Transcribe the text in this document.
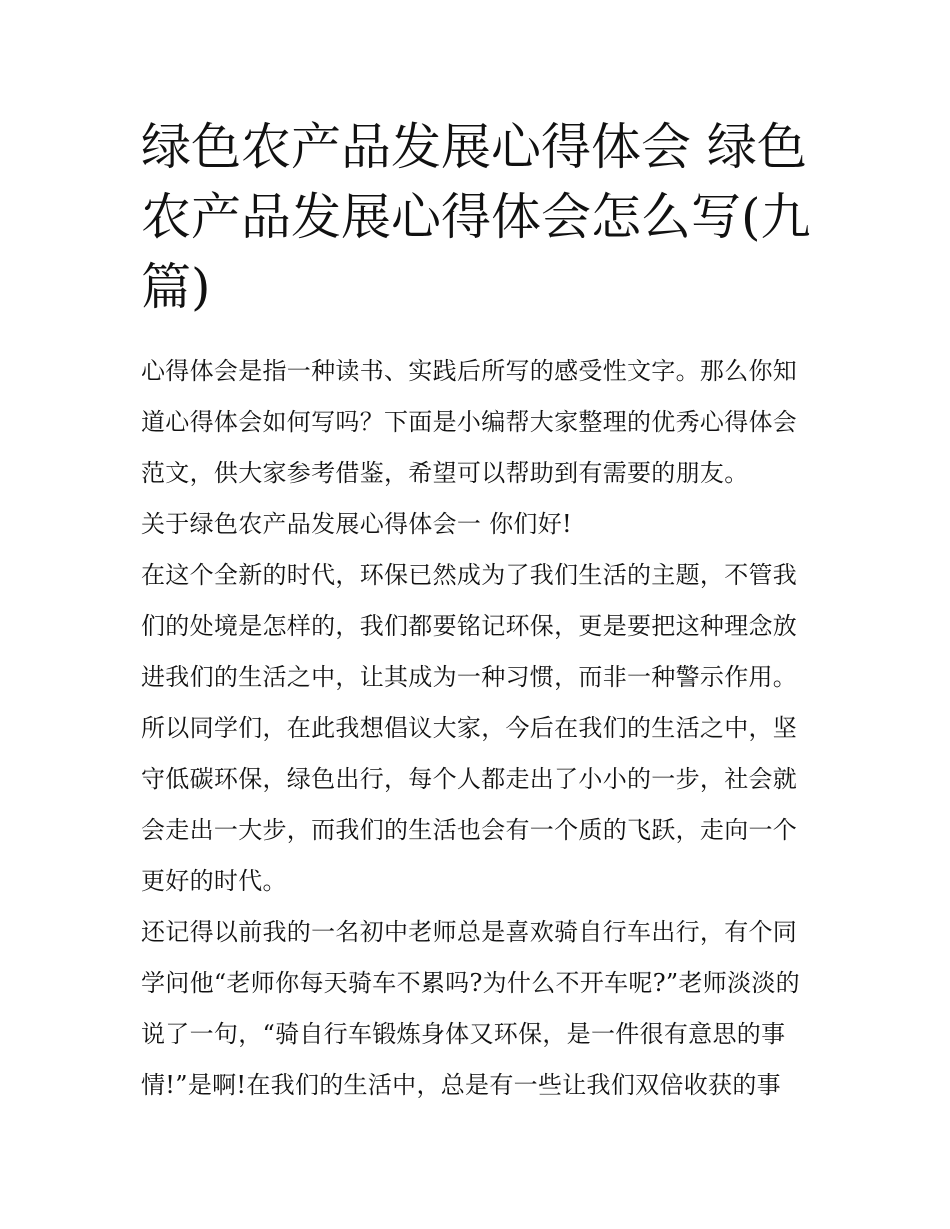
绿色农产品发展心得体会 绿色农产品发展心得体会怎么写(九篇)

心得体会是指一种读书、实践后所写的感受性文字。那么你知道心得体会如何写吗？下面是小编帮大家整理的优秀心得体会范文，供大家参考借鉴，希望可以帮助到有需要的朋友。

关于绿色农产品发展心得体会一 你们好!

在这个全新的时代，环保已然成为了我们生活的主题，不管我们的处境是怎样的，我们都要铭记环保，更是要把这种理念放进我们的生活之中，让其成为一种习惯，而非一种警示作用。

所以同学们，在此我想倡议大家，今后在我们的生活之中，坚守低碳环保，绿色出行，每个人都走出了小小的一步，社会就会走出一大步，而我们的生活也会有一个质的飞跃，走向一个更好的时代。

还记得以前我的一名初中老师总是喜欢骑自行车出行，有个同学问他“老师你每天骑车不累吗?为什么不开车呢?”老师淡淡的说了一句，“骑自行车锻炼身体又环保，是一件很有意思的事情!”是啊!在我们的生活中，总是有一些让我们双倍收获的事
